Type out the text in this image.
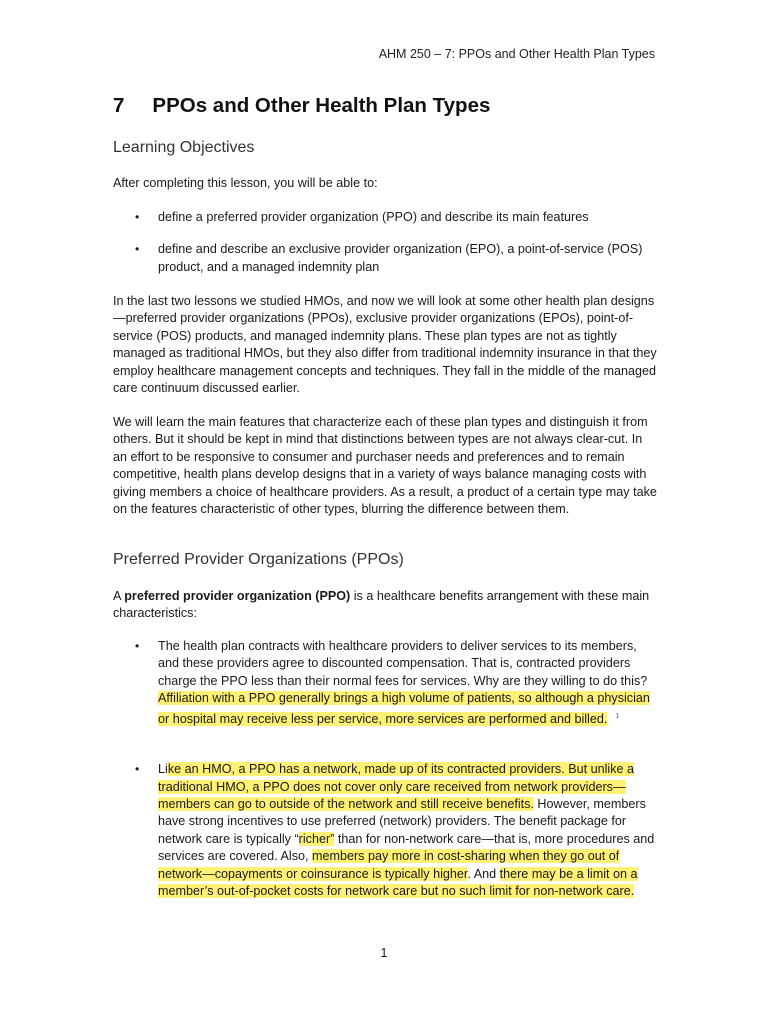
AHM 250 – 7: PPOs and Other Health Plan Types
7 PPOs and Other Health Plan Types
Learning Objectives

After completing this lesson, you will be able to:

• define a preferred provider organization (PPO) and describe its main features
• define and describe an exclusive provider organization (EPO), a point-of-service (POS) product, and a managed indemnity plan

In the last two lessons we studied HMOs, and now we will look at some other health plan designs—preferred provider organizations (PPOs), exclusive provider organizations (EPOs), point-of-service (POS) products, and managed indemnity plans. These plan types are not as tightly managed as traditional HMOs, but they also differ from traditional indemnity insurance in that they employ healthcare management concepts and techniques. They fall in the middle of the managed care continuum discussed earlier.

We will learn the main features that characterize each of these plan types and distinguish it from others. But it should be kept in mind that distinctions between types are not always clear-cut. In an effort to be responsive to consumer and purchaser needs and preferences and to remain competitive, health plans develop designs that in a variety of ways balance managing costs with giving members a choice of healthcare providers. As a result, a product of a certain type may take on the features characteristic of other types, blurring the difference between them.

Preferred Provider Organizations (PPOs)

A preferred provider organization (PPO) is a healthcare benefits arrangement with these main characteristics:

• The health plan contracts with healthcare providers to deliver services to its members, and these providers agree to discounted compensation. That is, contracted providers charge the PPO less than their normal fees for services. Why are they willing to do this? Affiliation with a PPO generally brings a high volume of patients, so although a physician or hospital may receive less per service, more services are performed and billed. $^1$
• Like an HMO, a PPO has a network, made up of its contracted providers. But unlike a traditional HMO, a PPO does not cover only care received from network providers—members can go to outside of the network and still receive benefits. However, members have strong incentives to use preferred (network) providers. The benefit package for network care is typically “richer” than for non-network care—that is, more procedures and services are covered. Also, members pay more in cost-sharing when they go out of network—copayments or coinsurance is typically higher. And there may be a limit on a member’s out-of-pocket costs for network care but no such limit for non-network care.
1
